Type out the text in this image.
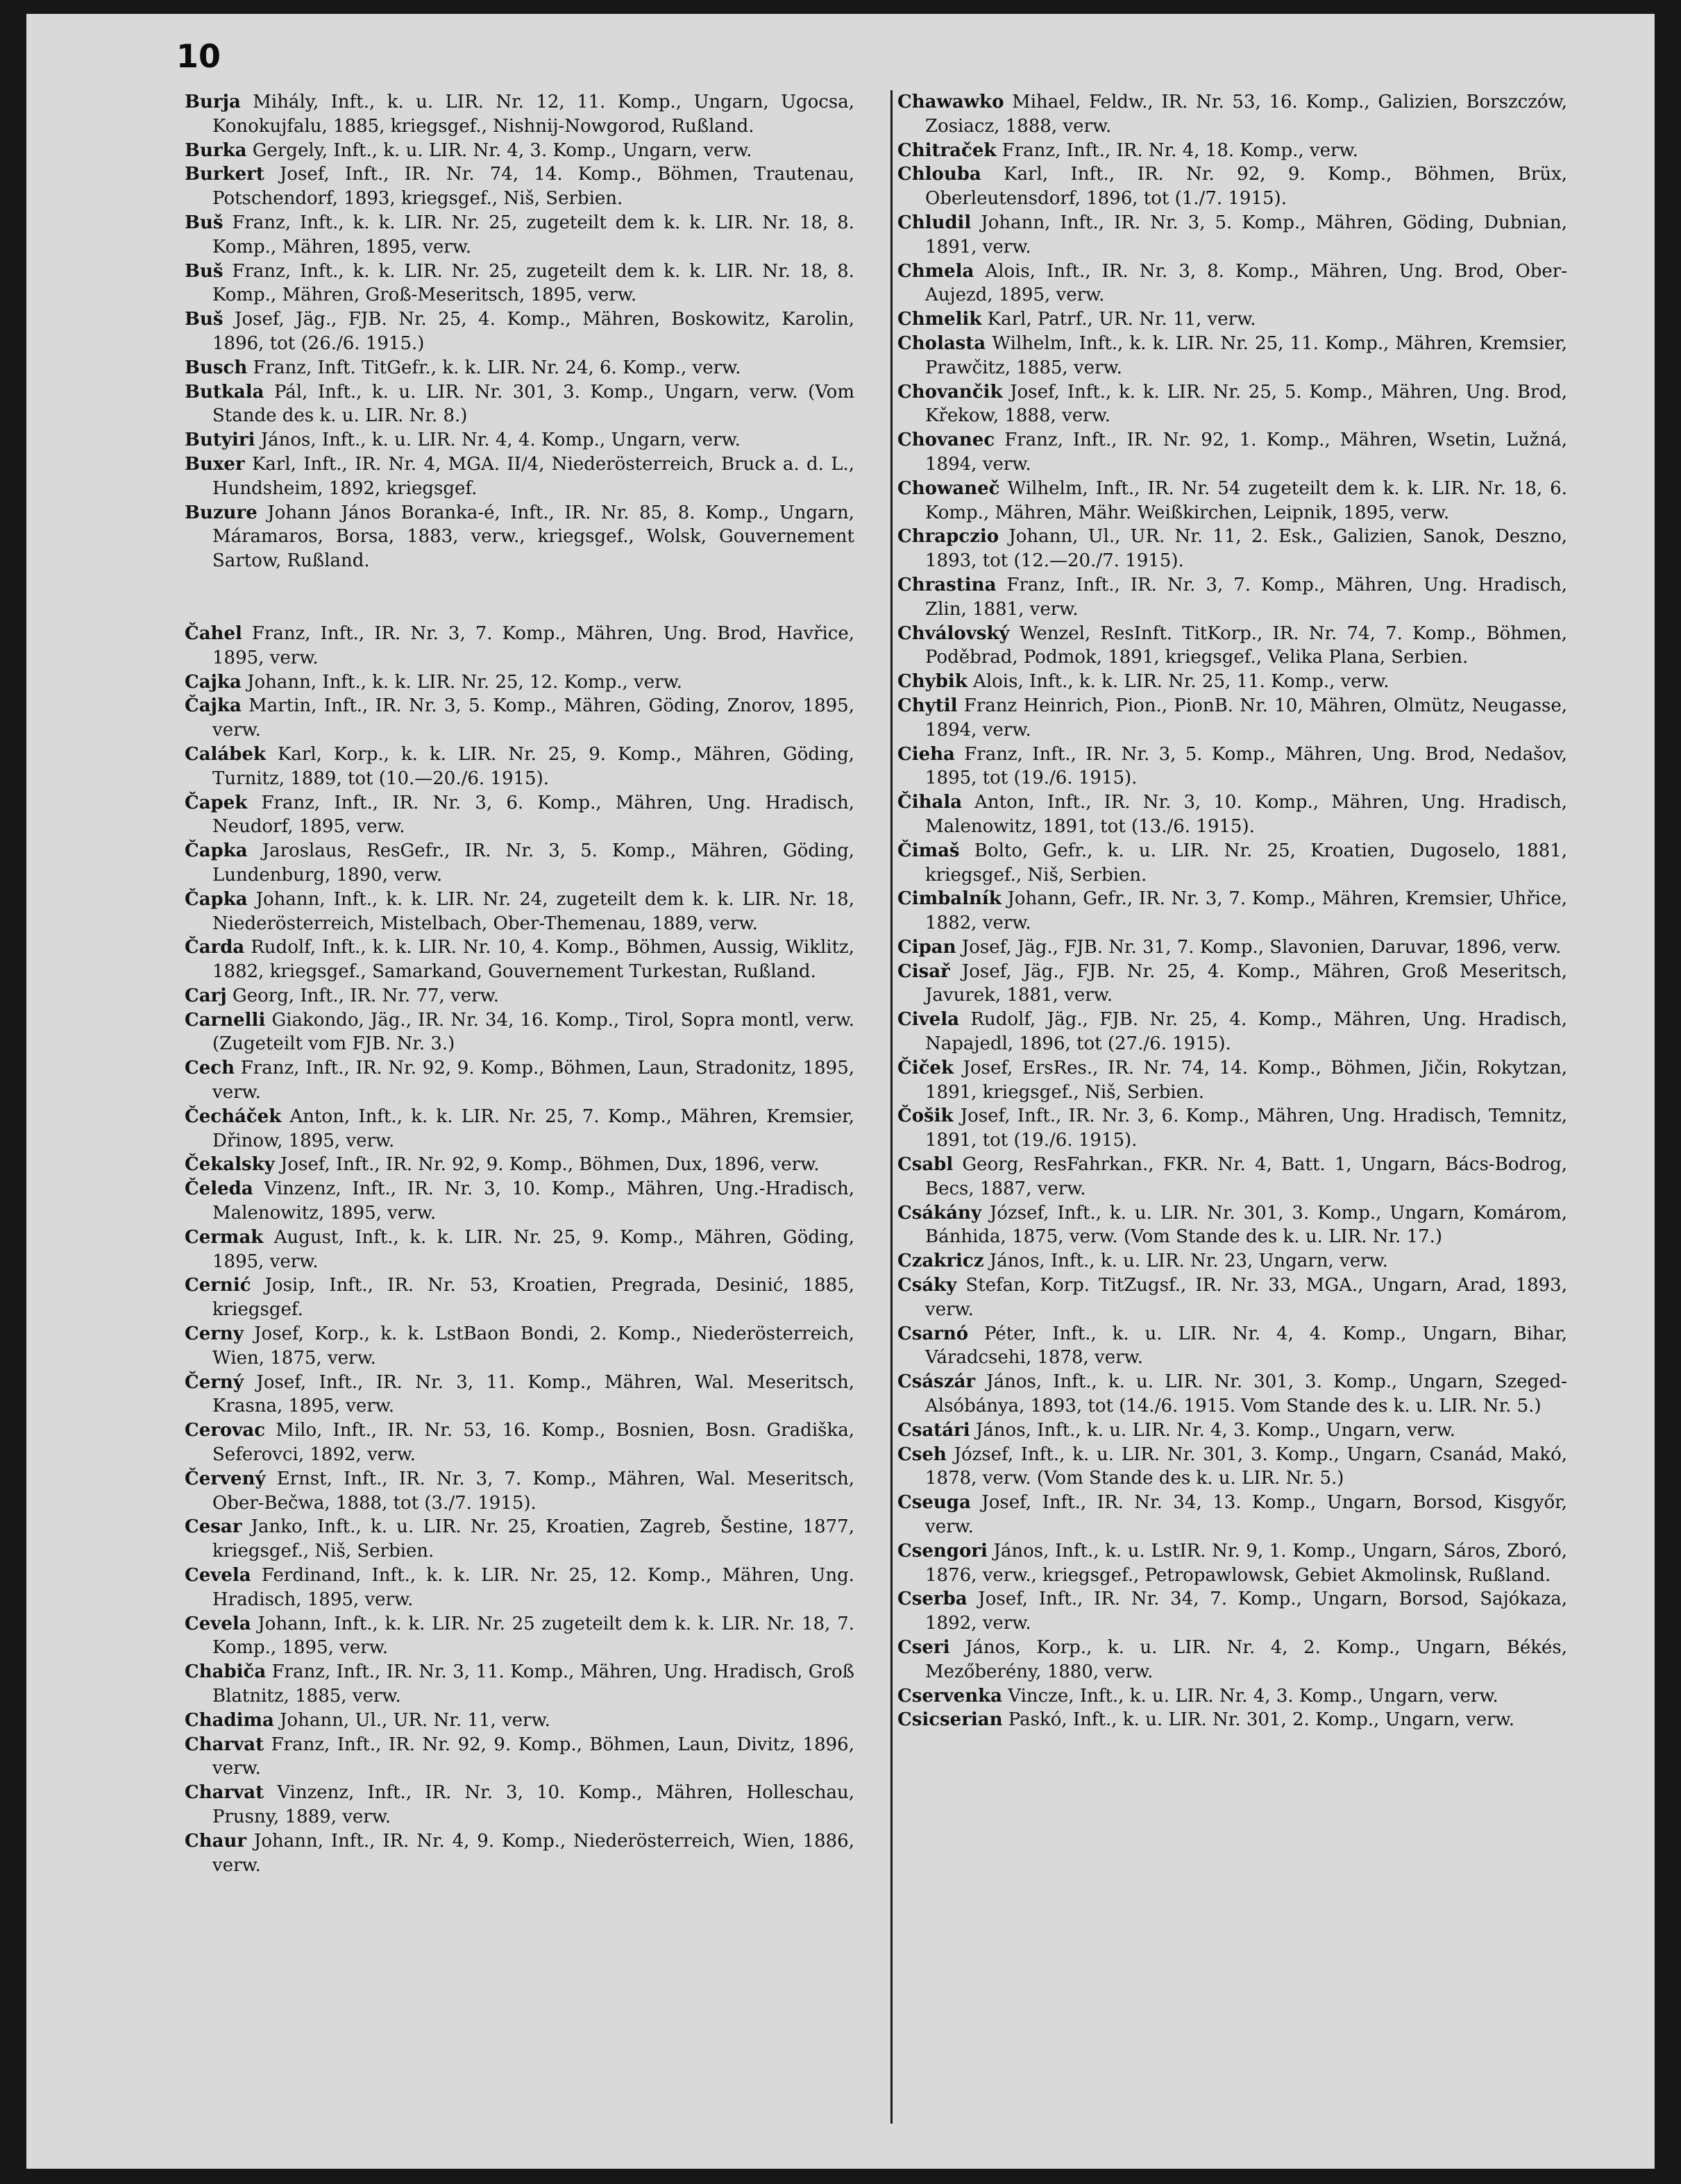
10

Burja Mihály, Inft., k. u. LIR. Nr. 12, 11. Komp., Ungarn, Ugocsa, Konokujfalu, 1885, kriegsgef., Nishnij-Nowgorod, Rußland.

Burka Gergely, Inft., k. u. LIR. Nr. 4, 3. Komp., Ungarn, verw.

Burkert Josef, Inft., IR. Nr. 74, 14. Komp., Böhmen, Trautenau, Potschendorf, 1893, kriegsgef., Niš, Serbien.

Buš Franz, Inft., k. k. LIR. Nr. 25, zugeteilt dem k. k. LIR. Nr. 18, 8. Komp., Mähren, 1895, verw.

Buš Franz, Inft., k. k. LIR. Nr. 25, zugeteilt dem k. k. LIR. Nr. 18, 8. Komp., Mähren, Groß-Meseritsch, 1895, verw.

Buš Josef, Jäg., FJB. Nr. 25, 4. Komp., Mähren, Boskowitz, Karolin, 1896, tot (26./6. 1915.)

Busch Franz, Inft. TitGefr., k. k. LIR. Nr. 24, 6. Komp., verw.

Butkala Pál, Inft., k. u. LIR. Nr. 301, 3. Komp., Ungarn, verw. (Vom Stande des k. u. LIR. Nr. 8.)

Butyiri János, Inft., k. u. LIR. Nr. 4, 4. Komp., Ungarn, verw.

Buxer Karl, Inft., IR. Nr. 4, MGA. II/4, Niederösterreich, Bruck a. d. L., Hundsheim, 1892, kriegsgef.

Buzure Johann János Boranka-é, Inft., IR. Nr. 85, 8. Komp., Ungarn, Máramaros, Borsa, 1883, verw., kriegsgef., Wolsk, Gouvernement Sartow, Rußland.

Čahel Franz, Inft., IR. Nr. 3, 7. Komp., Mähren, Ung. Brod, Havřice, 1895, verw.

Cajka Johann, Inft., k. k. LIR. Nr. 25, 12. Komp., verw.

Čajka Martin, Inft., IR. Nr. 3, 5. Komp., Mähren, Göding, Znorov, 1895, verw.

Calábek Karl, Korp., k. k. LIR. Nr. 25, 9. Komp., Mähren, Göding, Turnitz, 1889, tot (10.—20./6. 1915).

Čapek Franz, Inft., IR. Nr. 3, 6. Komp., Mähren, Ung. Hradisch, Neudorf, 1895, verw.

Čapka Jaroslaus, ResGefr., IR. Nr. 3, 5. Komp., Mähren, Göding, Lundenburg, 1890, verw.

Čapka Johann, Inft., k. k. LIR. Nr. 24, zugeteilt dem k. k. LIR. Nr. 18, Niederösterreich, Mistelbach, Ober-Themenau, 1889, verw.

Čarda Rudolf, Inft., k. k. LIR. Nr. 10, 4. Komp., Böhmen, Aussig, Wiklitz, 1882, kriegsgef., Samarkand, Gouvernement Turkestan, Rußland.

Carj Georg, Inft., IR. Nr. 77, verw.

Carnelli Giakondo, Jäg., IR. Nr. 34, 16. Komp., Tirol, Sopra montl, verw. (Zugeteilt vom FJB. Nr. 3.)

Cech Franz, Inft., IR. Nr. 92, 9. Komp., Böhmen, Laun, Stradonitz, 1895, verw.

Čecháček Anton, Inft., k. k. LIR. Nr. 25, 7. Komp., Mähren, Kremsier, Dřinow, 1895, verw.

Čekalsky Josef, Inft., IR. Nr. 92, 9. Komp., Böhmen, Dux, 1896, verw.

Čeleda Vinzenz, Inft., IR. Nr. 3, 10. Komp., Mähren, Ung.-Hradisch, Malenowitz, 1895, verw.

Cermak August, Inft., k. k. LIR. Nr. 25, 9. Komp., Mähren, Göding, 1895, verw.

Cernić Josip, Inft., IR. Nr. 53, Kroatien, Pregrada, Desinić, 1885, kriegsgef.

Cerny Josef, Korp., k. k. LstBaon Bondi, 2. Komp., Niederösterreich, Wien, 1875, verw.

Černý Josef, Inft., IR. Nr. 3, 11. Komp., Mähren, Wal. Meseritsch, Krasna, 1895, verw.

Cerovac Milo, Inft., IR. Nr. 53, 16. Komp., Bosnien, Bosn. Gradiška, Seferovci, 1892, verw.

Červený Ernst, Inft., IR. Nr. 3, 7. Komp., Mähren, Wal. Meseritsch, Ober-Bečwa, 1888, tot (3./7. 1915).

Cesar Janko, Inft., k. u. LIR. Nr. 25, Kroatien, Zagreb, Šestine, 1877, kriegsgef., Niš, Serbien.

Cevela Ferdinand, Inft., k. k. LIR. Nr. 25, 12. Komp., Mähren, Ung. Hradisch, 1895, verw.

Cevela Johann, Inft., k. k. LIR. Nr. 25 zugeteilt dem k. k. LIR. Nr. 18, 7. Komp., 1895, verw.

Chabiča Franz, Inft., IR. Nr. 3, 11. Komp., Mähren, Ung. Hradisch, Groß Blatnitz, 1885, verw.

Chadima Johann, Ul., UR. Nr. 11, verw.

Charvat Franz, Inft., IR. Nr. 92, 9. Komp., Böhmen, Laun, Divitz, 1896, verw.

Charvat Vinzenz, Inft., IR. Nr. 3, 10. Komp., Mähren, Holleschau, Prusny, 1889, verw.

Chaur Johann, Inft., IR. Nr. 4, 9. Komp., Niederösterreich, Wien, 1886, verw.

Chawawko Mihael, Feldw., IR. Nr. 53, 16. Komp., Galizien, Borszczów, Zosiacz, 1888, verw.

Chitraček Franz, Inft., IR. Nr. 4, 18. Komp., verw.

Chlouba Karl, Inft., IR. Nr. 92, 9. Komp., Böhmen, Brüx, Oberleutensdorf, 1896, tot (1./7. 1915).

Chludil Johann, Inft., IR. Nr. 3, 5. Komp., Mähren, Göding, Dubnian, 1891, verw.

Chmela Alois, Inft., IR. Nr. 3, 8. Komp., Mähren, Ung. Brod, Ober-Aujezd, 1895, verw.

Chmelik Karl, Patrf., UR. Nr. 11, verw.

Cholasta Wilhelm, Inft., k. k. LIR. Nr. 25, 11. Komp., Mähren, Kremsier, Prawčitz, 1885, verw.

Chovančik Josef, Inft., k. k. LIR. Nr. 25, 5. Komp., Mähren, Ung. Brod, Křekow, 1888, verw.

Chovanec Franz, Inft., IR. Nr. 92, 1. Komp., Mähren, Wsetin, Lužná, 1894, verw.

Chowaneč Wilhelm, Inft., IR. Nr. 54 zugeteilt dem k. k. LIR. Nr. 18, 6. Komp., Mähren, Mähr. Weißkirchen, Leipnik, 1895, verw.

Chrapczio Johann, Ul., UR. Nr. 11, 2. Esk., Galizien, Sanok, Deszno, 1893, tot (12.—20./7. 1915).

Chrastina Franz, Inft., IR. Nr. 3, 7. Komp., Mähren, Ung. Hradisch, Zlin, 1881, verw.

Chválovský Wenzel, ResInft. TitKorp., IR. Nr. 74, 7. Komp., Böhmen, Poděbrad, Podmok, 1891, kriegsgef., Velika Plana, Serbien.

Chybik Alois, Inft., k. k. LIR. Nr. 25, 11. Komp., verw.

Chytil Franz Heinrich, Pion., PionB. Nr. 10, Mähren, Olmütz, Neugasse, 1894, verw.

Cieha Franz, Inft., IR. Nr. 3, 5. Komp., Mähren, Ung. Brod, Nedašov, 1895, tot (19./6. 1915).

Čihala Anton, Inft., IR. Nr. 3, 10. Komp., Mähren, Ung. Hradisch, Malenowitz, 1891, tot (13./6. 1915).

Čimaš Bolto, Gefr., k. u. LIR. Nr. 25, Kroatien, Dugoselo, 1881, kriegsgef., Niš, Serbien.

Cimbalník Johann, Gefr., IR. Nr. 3, 7. Komp., Mähren, Kremsier, Uhřice, 1882, verw.

Cipan Josef, Jäg., FJB. Nr. 31, 7. Komp., Slavonien, Daruvar, 1896, verw.

Cisař Josef, Jäg., FJB. Nr. 25, 4. Komp., Mähren, Groß Meseritsch, Javurek, 1881, verw.

Civela Rudolf, Jäg., FJB. Nr. 25, 4. Komp., Mähren, Ung. Hradisch, Napajedl, 1896, tot (27./6. 1915).

Čiček Josef, ErsRes., IR. Nr. 74, 14. Komp., Böhmen, Jičin, Rokytzan, 1891, kriegsgef., Niš, Serbien.

Čošik Josef, Inft., IR. Nr. 3, 6. Komp., Mähren, Ung. Hradisch, Temnitz, 1891, tot (19./6. 1915).

Csabl Georg, ResFahrkan., FKR. Nr. 4, Batt. 1, Ungarn, Bács-Bodrog, Becs, 1887, verw.

Csákány József, Inft., k. u. LIR. Nr. 301, 3. Komp., Ungarn, Komárom, Bánhida, 1875, verw. (Vom Stande des k. u. LIR. Nr. 17.)

Czakricz János, Inft., k. u. LIR. Nr. 23, Ungarn, verw.

Csáky Stefan, Korp. TitZugsf., IR. Nr. 33, MGA., Ungarn, Arad, 1893, verw.

Csarnó Péter, Inft., k. u. LIR. Nr. 4, 4. Komp., Ungarn, Bihar, Váradcsehi, 1878, verw.

Császár János, Inft., k. u. LIR. Nr. 301, 3. Komp., Ungarn, Szeged-Alsóbánya, 1893, tot (14./6. 1915. Vom Stande des k. u. LIR. Nr. 5.)

Csatári János, Inft., k. u. LIR. Nr. 4, 3. Komp., Ungarn, verw.

Cseh József, Inft., k. u. LIR. Nr. 301, 3. Komp., Ungarn, Csanád, Makó, 1878, verw. (Vom Stande des k. u. LIR. Nr. 5.)

Cseuga Josef, Inft., IR. Nr. 34, 13. Komp., Ungarn, Borsod, Kisgyőr, verw.

Csengori János, Inft., k. u. LstIR. Nr. 9, 1. Komp., Ungarn, Sáros, Zboró, 1876, verw., kriegsgef., Petropawlowsk, Gebiet Akmolinsk, Rußland.

Cserba Josef, Inft., IR. Nr. 34, 7. Komp., Ungarn, Borsod, Sajókaza, 1892, verw.

Cseri János, Korp., k. u. LIR. Nr. 4, 2. Komp., Ungarn, Békés, Mezőberény, 1880, verw.

Cservenka Vincze, Inft., k. u. LIR. Nr. 4, 3. Komp., Ungarn, verw.

Csicserian Paskó, Inft., k. u. LIR. Nr. 301, 2. Komp., Ungarn, verw.
